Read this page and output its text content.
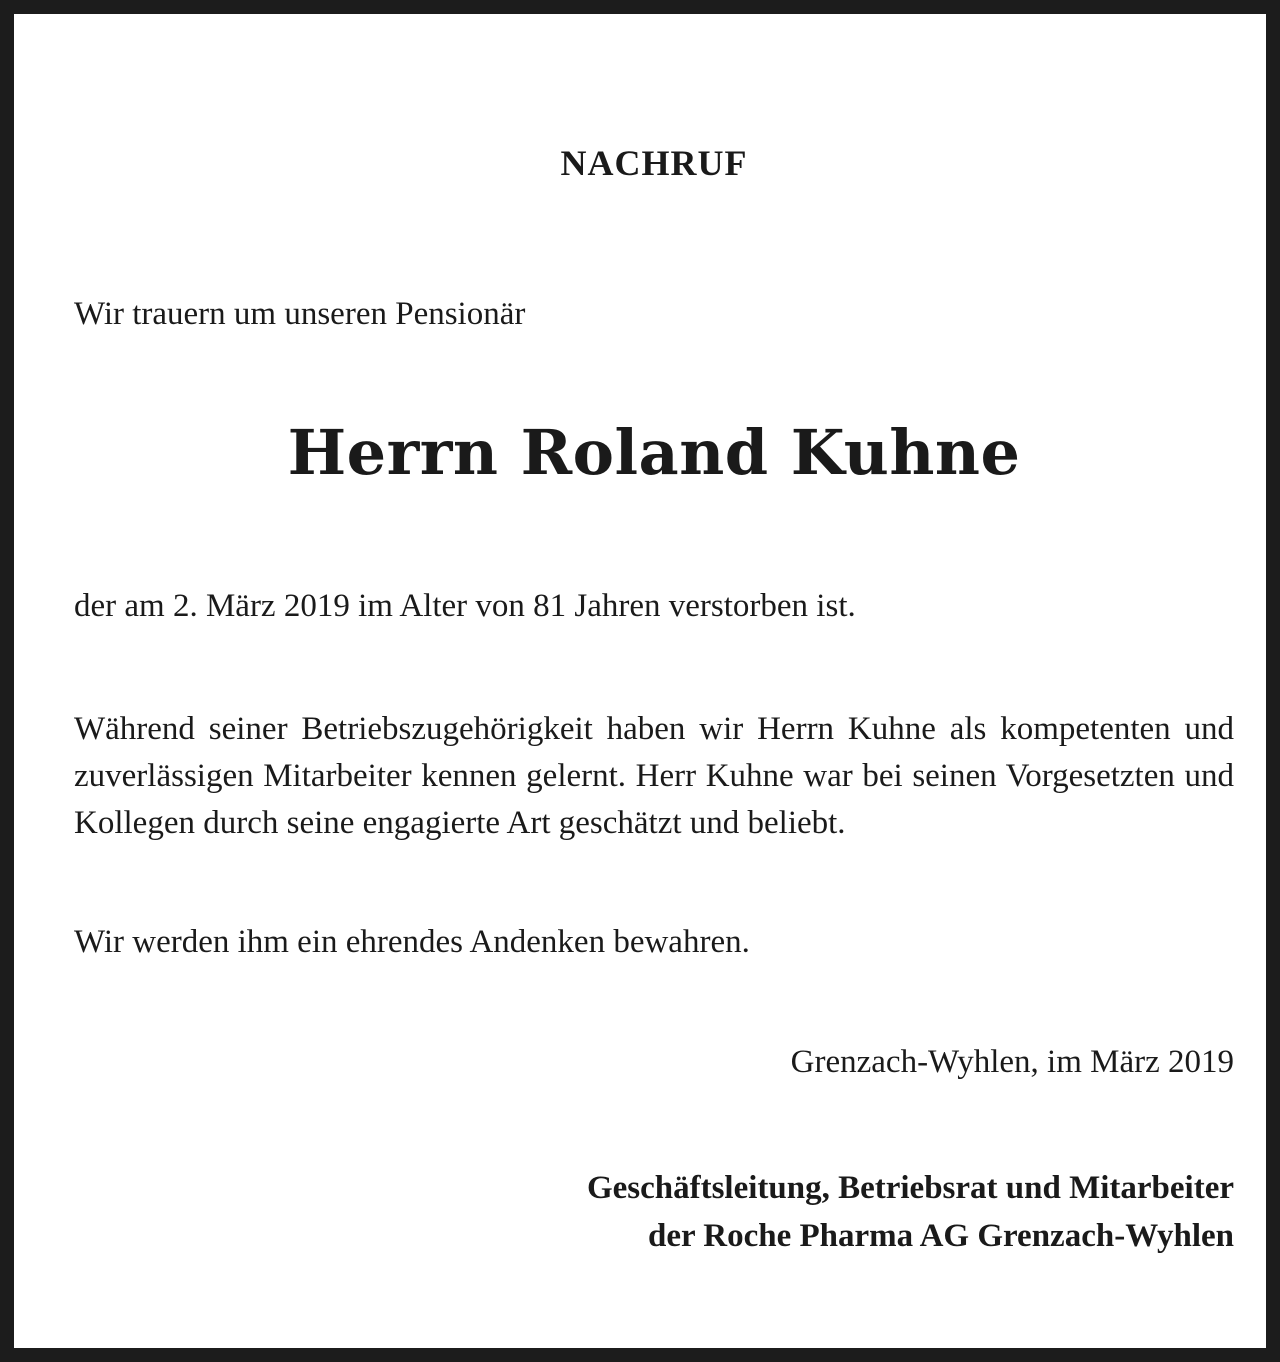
NACHRUF
Wir trauern um unseren Pensionär
Herrn Roland Kuhne
der am 2. März 2019 im Alter von 81 Jahren verstorben ist.
Während seiner Betriebszugehörigkeit haben wir Herrn Kuhne als kompetenten und zuverlässigen Mitarbeiter kennen gelernt. Herr Kuhne war bei seinen Vorgesetzten und Kollegen durch seine engagierte Art geschätzt und beliebt.
Wir werden ihm ein ehrendes Andenken bewahren.
Grenzach-Wyhlen, im März 2019
Geschäftsleitung, Betriebsrat und Mitarbeiter
der Roche Pharma AG Grenzach-Wyhlen
